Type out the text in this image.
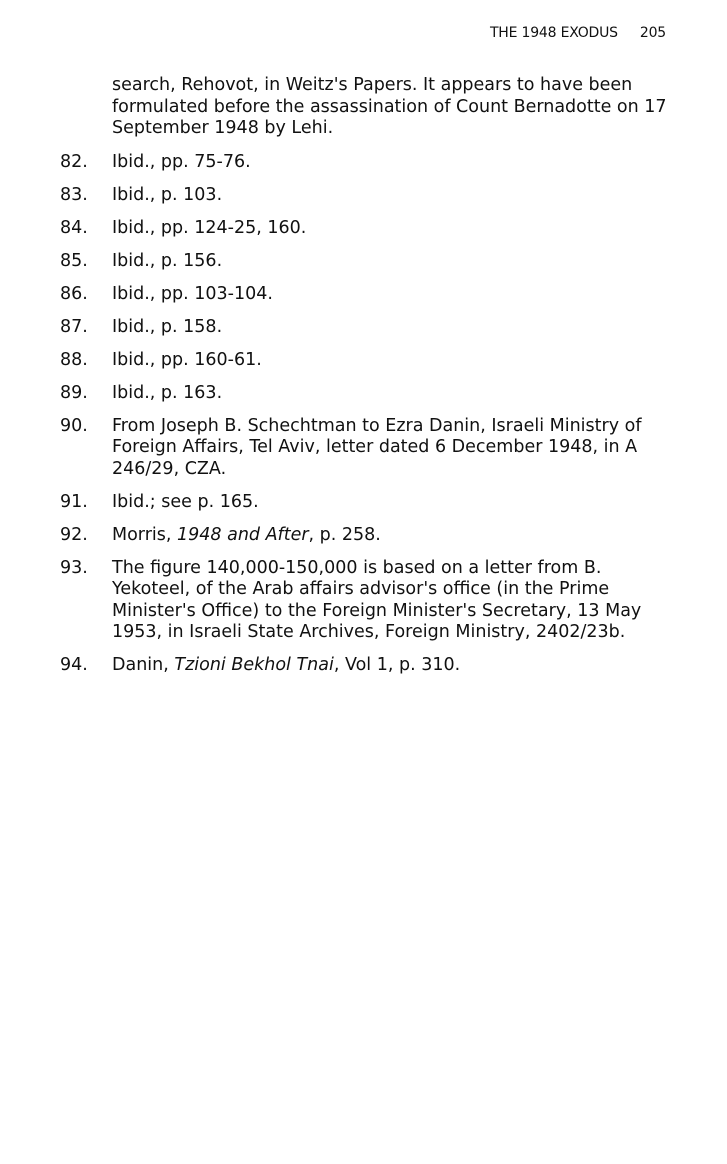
THE 1948 EXODUS 205
search, Rehovot, in Weitz's Papers. It appears to have been formulated before the assassination of Count Bernadotte on 17 September 1948 by Lehi.
82.	Ibid., pp. 75-76.
83.	Ibid., p. 103.
84.	Ibid., pp. 124-25, 160.
85.	Ibid., p. 156.
86.	Ibid., pp. 103-104.
87.	Ibid., p. 158.
88.	Ibid., pp. 160-61.
89.	Ibid., p. 163.
90.	From Joseph B. Schechtman to Ezra Danin, Israeli Ministry of Foreign Affairs, Tel Aviv, letter dated 6 December 1948, in A 246/29, CZA.
91.	Ibid.; see p. 165.
92.	Morris, 1948 and After, p. 258.
93.	The figure 140,000-150,000 is based on a letter from B. Yekoteel, of the Arab affairs advisor's office (in the Prime Minister's Office) to the Foreign Minister's Secretary, 13 May 1953, in Israeli State Archives, Foreign Ministry, 2402/23b.
94.	Danin, Tzioni Bekhol Tnai, Vol 1, p. 310.
